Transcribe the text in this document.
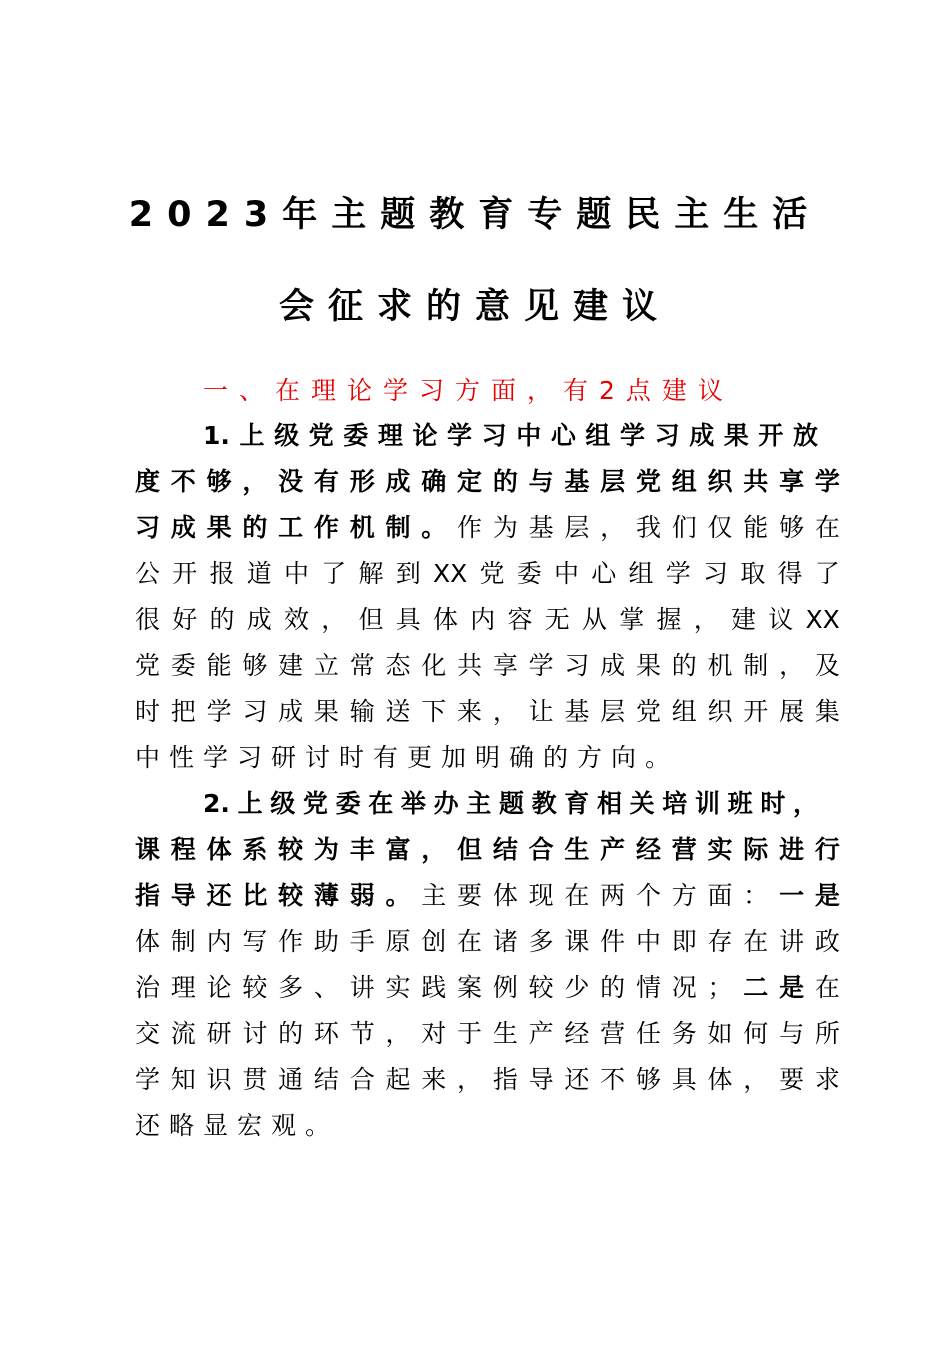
2023年主题教育专题民主生活
会征求的意见建议
一、在理论学习方面，有2点建议
1. 上 级 党 委 理 论 学 习 中 心 组 学 习 成 果 开 放
度 不 够 ， 没 有 形 成 确 定 的 与 基 层 党 组 织 共 享 学
习 成 果 的 工 作 机 制 。 作 为 基 层 ， 我 们 仅 能 够 在
公 开 报 道 中 了 解 到 XX 党 委 中 心 组 学 习 取 得 了
很 好 的 成 效 ， 但 具 体 内 容 无 从 掌 握 ， 建 议 XX
党 委 能 够 建 立 常 态 化 共 享 学 习 成 果 的 机 制 ， 及
时 把 学 习 成 果 输 送 下 来 ， 让 基 层 党 组 织 开 展 集
中性学习研讨时有更加明确的方向。
2. 上 级 党 委 在 举 办 主 题 教 育 相 关 培 训 班 时 ，
课 程 体 系 较 为 丰 富 ， 但 结 合 生 产 经 营 实 际 进 行
指 导 还 比 较 薄 弱 。 主 要 体 现 在 两 个 方 面 ： 一 是
体 制 内 写 作 助 手 原 创 在 诸 多 课 件 中 即 存 在 讲 政
治 理 论 较 多 、 讲 实 践 案 例 较 少 的 情 况 ； 二 是 在
交 流 研 讨 的 环 节 ， 对 于 生 产 经 营 任 务 如 何 与 所
学 知 识 贯 通 结 合 起 来 ， 指 导 还 不 够 具 体 ， 要 求
还略显宏观。
